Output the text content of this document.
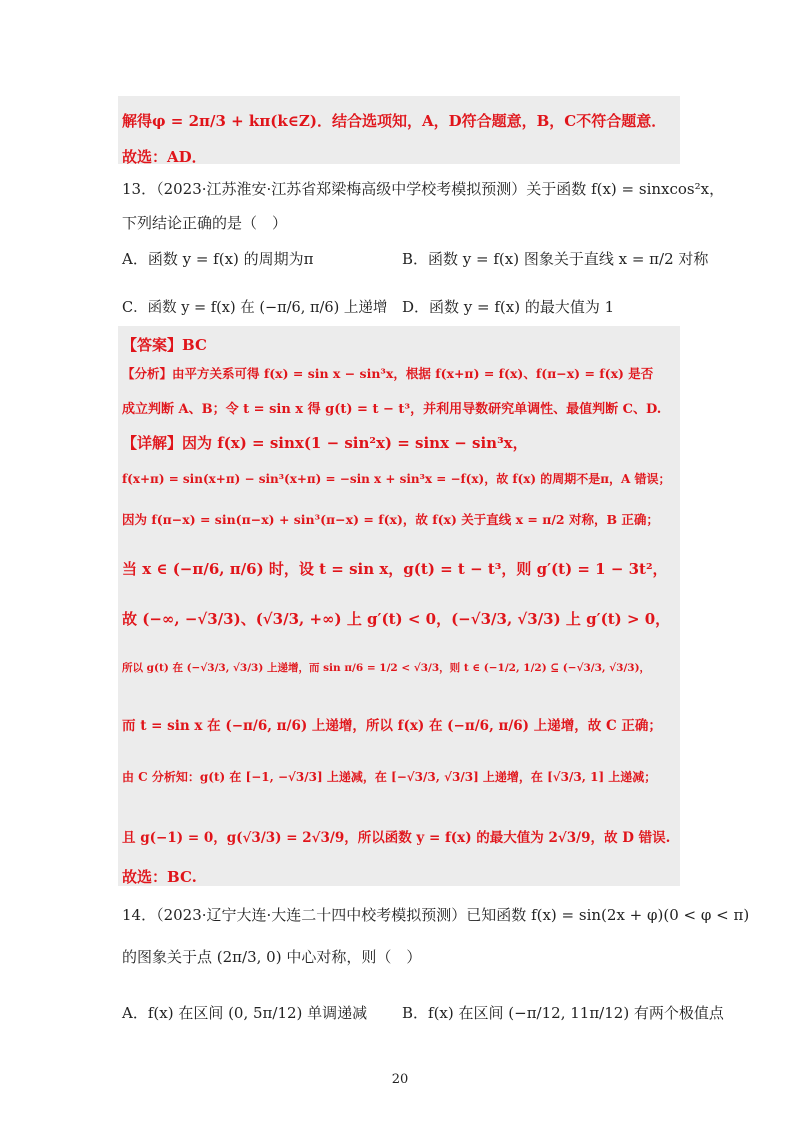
解得φ = 2π/3 + kπ(k∈Z)．结合选项知，A，D符合题意，B，C不符合题意．
故选：AD．
13．（2023·江苏淮安·江苏省郑梁梅高级中学校考模拟预测）关于函数 f(x) = sinxcos²x，
下列结论正确的是（　）
A．函数 y = f(x) 的周期为π	B．函数 y = f(x) 图象关于直线 x = π/2 对称
C．函数 y = f(x) 在 (−π/6, π/6) 上递增 D．函数 y = f(x) 的最大值为 1
【答案】BC
【分析】由平方关系可得 f(x) = sin x − sin³x，根据 f(x+π) = f(x)、f(π−x) = f(x) 是否
成立判断 A、B；令 t = sin x 得 g(t) = t − t³，并利用导数研究单调性、最值判断 C、D.
【详解】因为 f(x) = sinx(1 − sin²x) = sinx − sin³x，
f(x+π) = sin(x+π) − sin³(x+π) = −sin x + sin³x = −f(x)，故 f(x) 的周期不是π，A 错误；
因为 f(π−x) = sin(π−x) + sin³(π−x) = f(x)，故 f(x) 关于直线 x = π/2 对称，B 正确；
当 x ∈ (−π/6, π/6) 时，设 t = sin x，g(t) = t − t³，则 g′(t) = 1 − 3t²，
故 (−∞, −√3/3)、(√3/3, +∞) 上 g′(t) < 0，(−√3/3, √3/3) 上 g′(t) > 0，
所以 g(t) 在 (−√3/3, √3/3) 上递增，而 sin π/6 = 1/2 < √3/3，则 t ∈ (−1/2, 1/2) ⊆ (−√3/3, √3/3)，
而 t = sin x 在 (−π/6, π/6) 上递增，所以 f(x) 在 (−π/6, π/6) 上递增，故 C 正确；
由 C 分析知：g(t) 在 [−1, −√3/3] 上递减，在 [−√3/3, √3/3] 上递增，在 [√3/3, 1] 上递减；
且 g(−1) = 0，g(√3/3) = 2√3/9，所以函数 y = f(x) 的最大值为 2√3/9，故 D 错误.
故选：BC.
14．（2023·辽宁大连·大连二十四中校考模拟预测）已知函数 f(x) = sin(2x + φ)(0 < φ < π)
的图象关于点 (2π/3, 0) 中心对称，则（　）
A．f(x) 在区间 (0, 5π/12) 单调递减 B．f(x) 在区间 (−π/12, 11π/12) 有两个极值点
20
